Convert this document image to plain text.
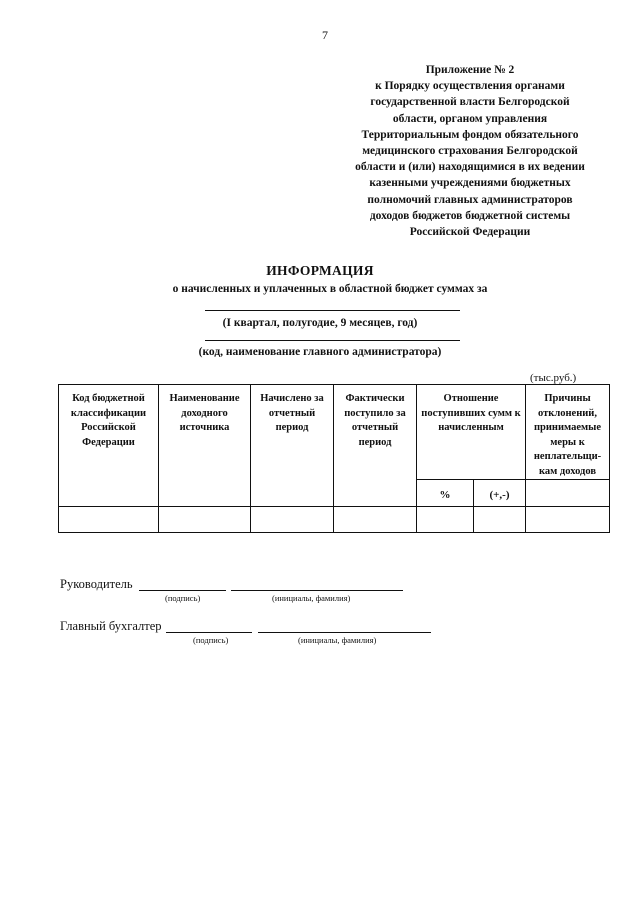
7
Приложение № 2
к Порядку осуществления органами
государственной власти Белгородской
области, органом управления
Территориальным фондом обязательного
медицинского страхования Белгородской
области и (или) находящимися в их ведении
казенными учреждениями бюджетных
полномочий главных администраторов
доходов бюджетов бюджетной системы
Российской Федерации
ИНФОРМАЦИЯ
о начисленных и уплаченных в областной бюджет суммах за
(I квартал, полугодие, 9 месяцев, год)
(код, наименование главного администратора)
(тыс.руб.)
Код бюджетной классификации Российской Федерации	Наименование доходного источника	Начислено за отчетный период	Фактически поступило за отчетный период	Отношение поступивших сумм к начисленным		Причины отклонений, принимаемые меры к неплательщи-кам доходов
				%	(+,-)	

Руководитель
(подпись)	(инициалы, фамилия)
Главный бухгалтер
(подпись)	(инициалы, фамилия)
